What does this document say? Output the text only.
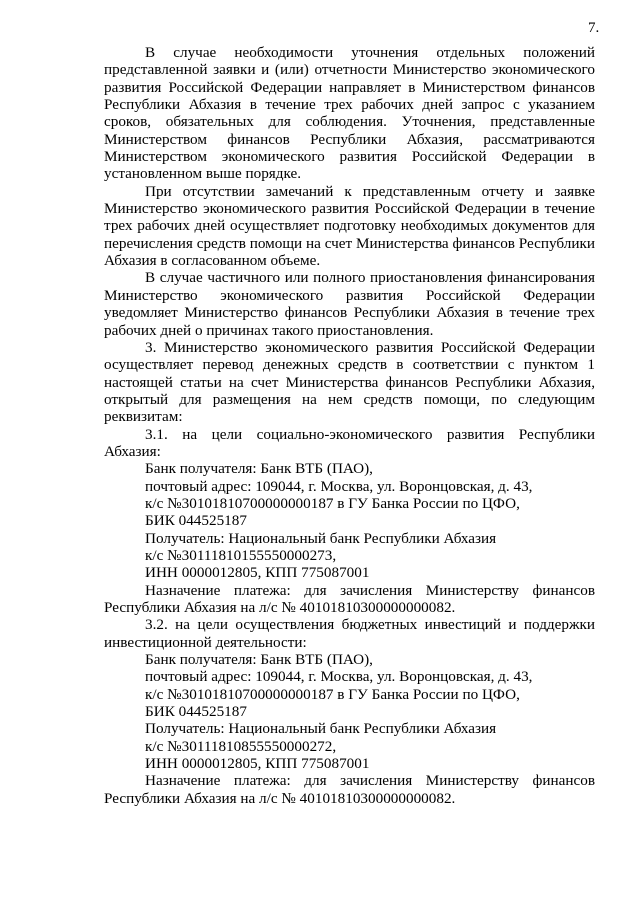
7.

В случае необходимости уточнения отдельных положений представленной заявки и (или) отчетности Министерство экономического развития Российской Федерации направляет в Министерством финансов Республики Абхазия в течение трех рабочих дней запрос с указанием сроков, обязательных для соблюдения. Уточнения, представленные Министерством финансов Республики Абхазия, рассматриваются Министерством экономического развития Российской Федерации в установленном выше порядке.

При отсутствии замечаний к представленным отчету и заявке Министерство экономического развития Российской Федерации в течение трех рабочих дней осуществляет подготовку необходимых документов для перечисления средств помощи на счет Министерства финансов Республики Абхазия в согласованном объеме.

В случае частичного или полного приостановления финансирования Министерство экономического развития Российской Федерации уведомляет Министерство финансов Республики Абхазия в течение трех рабочих дней о причинах такого приостановления.

3. Министерство экономического развития Российской Федерации осуществляет перевод денежных средств в соответствии с пунктом 1 настоящей статьи на счет Министерства финансов Республики Абхазия, открытый для размещения на нем средств помощи, по следующим реквизитам:

3.1. на цели социально-экономического развития Республики Абхазия:

Банк получателя: Банк ВТБ (ПАО),

почтовый адрес: 109044, г. Москва, ул. Воронцовская, д. 43,

к/с №30101810700000000187 в ГУ Банка России по ЦФО,

БИК 044525187

Получатель: Национальный банк Республики Абхазия

к/с №30111810155550000273,

ИНН 0000012805, КПП 775087001

Назначение платежа: для зачисления Министерству финансов Республики Абхазия на л/с № 40101810300000000082.

3.2. на цели осуществления бюджетных инвестиций и поддержки инвестиционной деятельности:

Банк получателя: Банк ВТБ (ПАО),

почтовый адрес: 109044, г. Москва, ул. Воронцовская, д. 43,

к/с №30101810700000000187 в ГУ Банка России по ЦФО,

БИК 044525187

Получатель: Национальный банк Республики Абхазия

к/с №30111810855550000272,

ИНН 0000012805, КПП 775087001

Назначение платежа: для зачисления Министерству финансов Республики Абхазия на л/с № 40101810300000000082.
